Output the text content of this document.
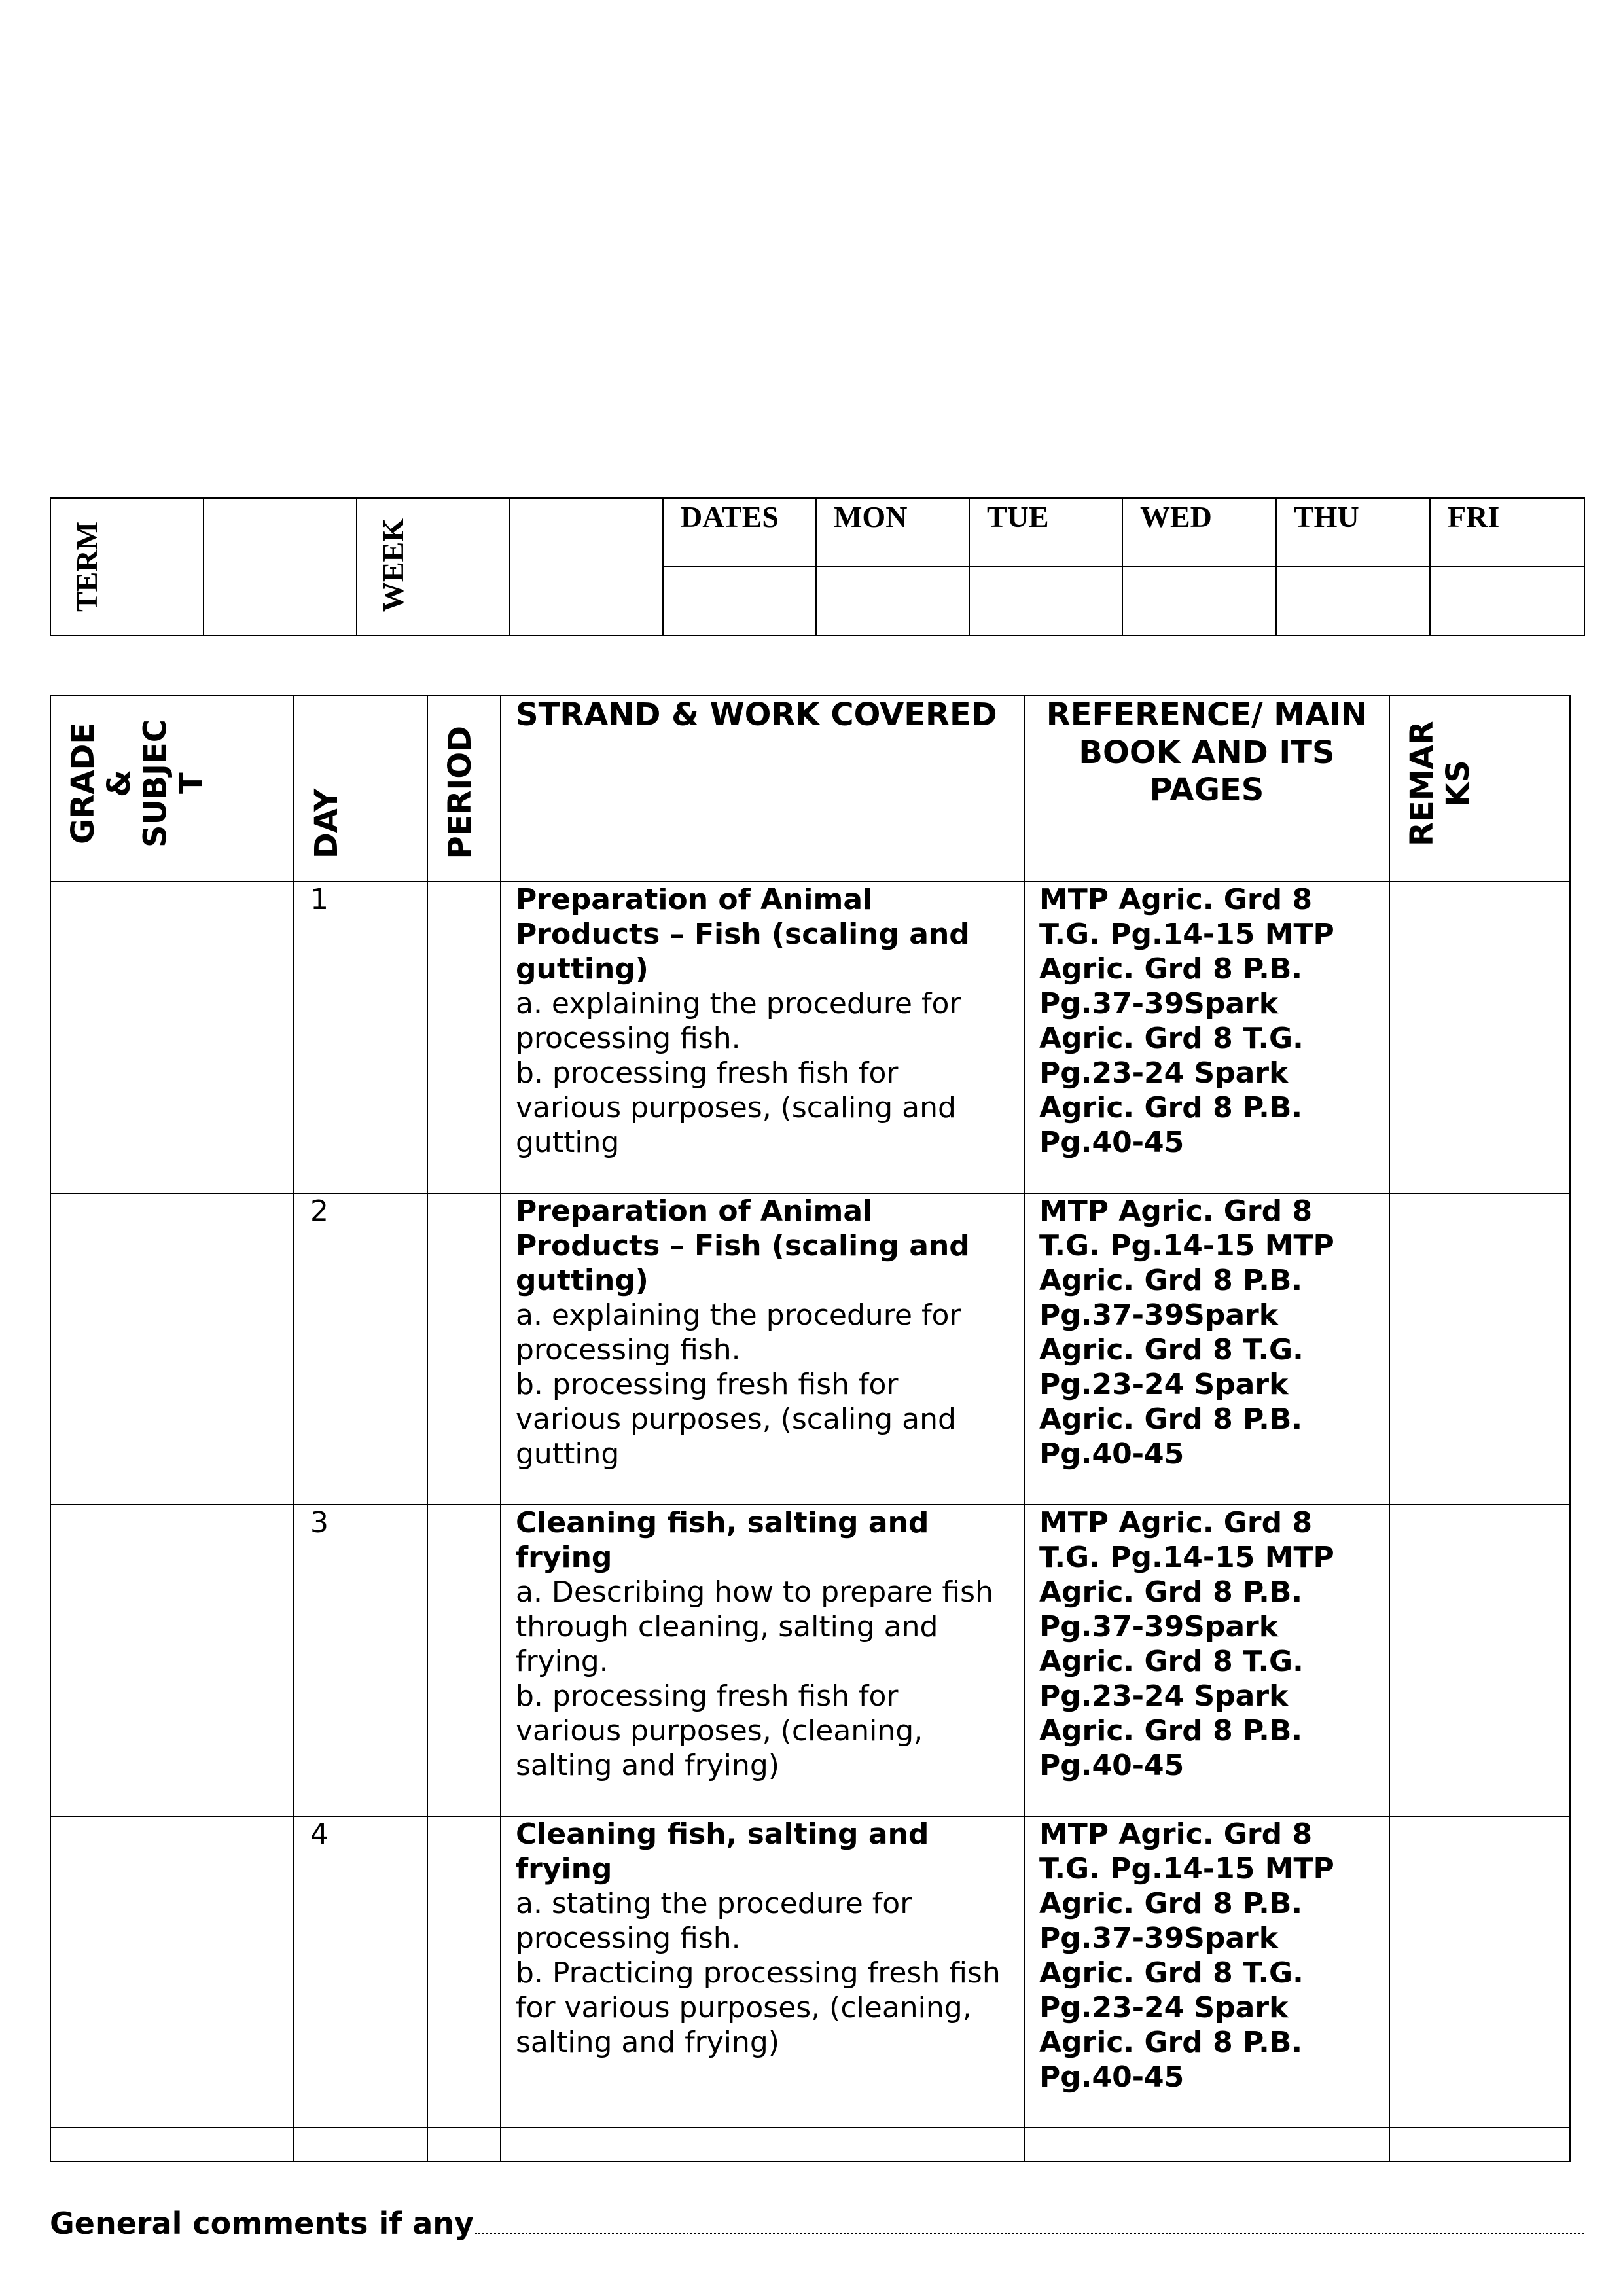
TERM		WEEK		DATES	MON	TUE	WED	THU	FRI

GRADE & SUBJEC T	DAY	PERIOD	STRAND & WORK COVERED	REFERENCE/ MAIN BOOK AND ITS PAGES	REMAR KS
	1		Preparation of Animal Products – Fish (scaling and gutting)
a. explaining the procedure for processing fish.
b. processing fresh fish for various purposes, (scaling and gutting	MTP Agric. Grd 8 T.G. Pg.14-15 MTP Agric. Grd 8 P.B. Pg.37-39Spark Agric. Grd 8 T.G. Pg.23-24 Spark Agric. Grd 8 P.B. Pg.40-45	
	2		Preparation of Animal Products – Fish (scaling and gutting)
a. explaining the procedure for processing fish.
b. processing fresh fish for various purposes, (scaling and gutting	MTP Agric. Grd 8 T.G. Pg.14-15 MTP Agric. Grd 8 P.B. Pg.37-39Spark Agric. Grd 8 T.G. Pg.23-24 Spark Agric. Grd 8 P.B. Pg.40-45	
	3		Cleaning fish, salting and frying
a. Describing how to prepare fish through cleaning, salting and frying.
b. processing fresh fish for various purposes, (cleaning, salting and frying)	MTP Agric. Grd 8 T.G. Pg.14-15 MTP Agric. Grd 8 P.B. Pg.37-39Spark Agric. Grd 8 T.G. Pg.23-24 Spark Agric. Grd 8 P.B. Pg.40-45	
	4		Cleaning fish, salting and frying
a. stating the procedure for processing fish.
b. Practicing processing fresh fish for various purposes, (cleaning, salting and frying)	MTP Agric. Grd 8 T.G. Pg.14-15 MTP Agric. Grd 8 P.B. Pg.37-39Spark Agric. Grd 8 T.G. Pg.23-24 Spark Agric. Grd 8 P.B. Pg.40-45	

General comments if any
